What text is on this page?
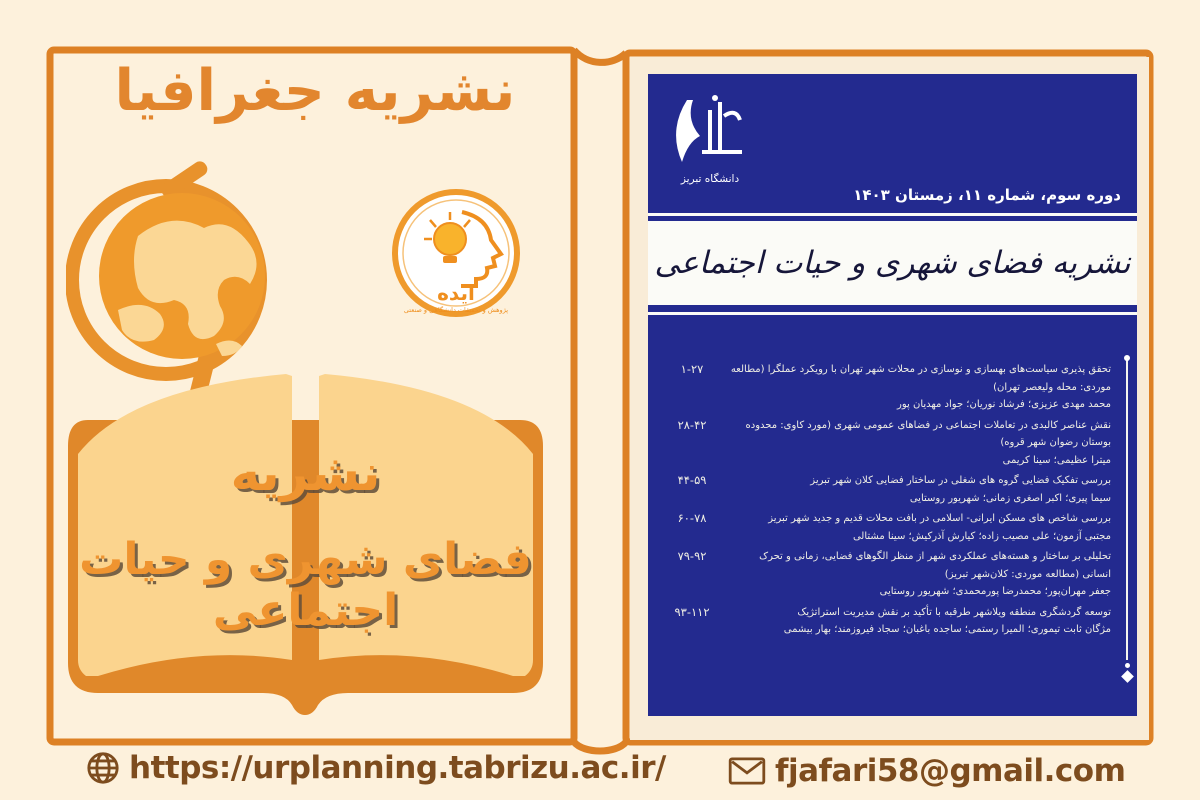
نشریه جغرافیا
ایده
پژوهش و تحقیقات دانشگاهی و صنعتی
نشریه
فضای شهری و حیات اجتماعی
دانشگاه تبریز
دوره سوم، شماره ۱۱، زمستان ۱۴۰۳
نشریه فضای شهری و حیات اجتماعی
۱-۲۷	تحقق پذیری سیاست‌های بهسازی و نوسازی در محلات شهر تهران با رویکرد عملگرا (مطالعه موردی: محله ولیعصر تهران)
محمد مهدی عزیزی؛ فرشاد نوریان؛ جواد مهدیان پور
۲۸-۴۲	نقش عناصر کالبدی در تعاملات اجتماعی در فضاهای عمومی شهری (مورد کاوی: محدوده بوستان رضوان شهر قروه)
میترا عظیمی؛ سینا کریمی
۴۴-۵۹	بررسی تفکیک فضایی گروه های شغلی در ساختار فضایی کلان شهر تبریز
سیما پیری؛ اکبر اصغری زمانی؛ شهریور روستایی
۶۰-۷۸	بررسی شاخص های مسکن ایرانی- اسلامی در بافت محلات قدیم و جدید شهر تبریز
مجتبی آزمون؛ علی مصیب زاده؛ کیارش آذرکیش؛ سینا مشتالی
۷۹-۹۲	تحلیلی بر ساختار و هسته‌های عملکردی شهر از منظر الگوهای فضایی، زمانی و تحرک انسانی (مطالعه موردی: کلان‌شهر تبریز)
جعفر مهران‌پور؛ محمدرضا پورمحمدی؛ شهریور روستایی
۹۳-۱۱۲	توسعه گردشگری منطقه ویلاشهر طرقبه با تأکید بر نقش مدیریت استراتژیک
مژگان ثابت تیموری؛ المیرا رستمی؛ ساجده باغبان؛ سجاد فیروزمند؛ بهار بیشمی
https://urplanning.tabrizu.ac.ir/	fjafari58@gmail.com
